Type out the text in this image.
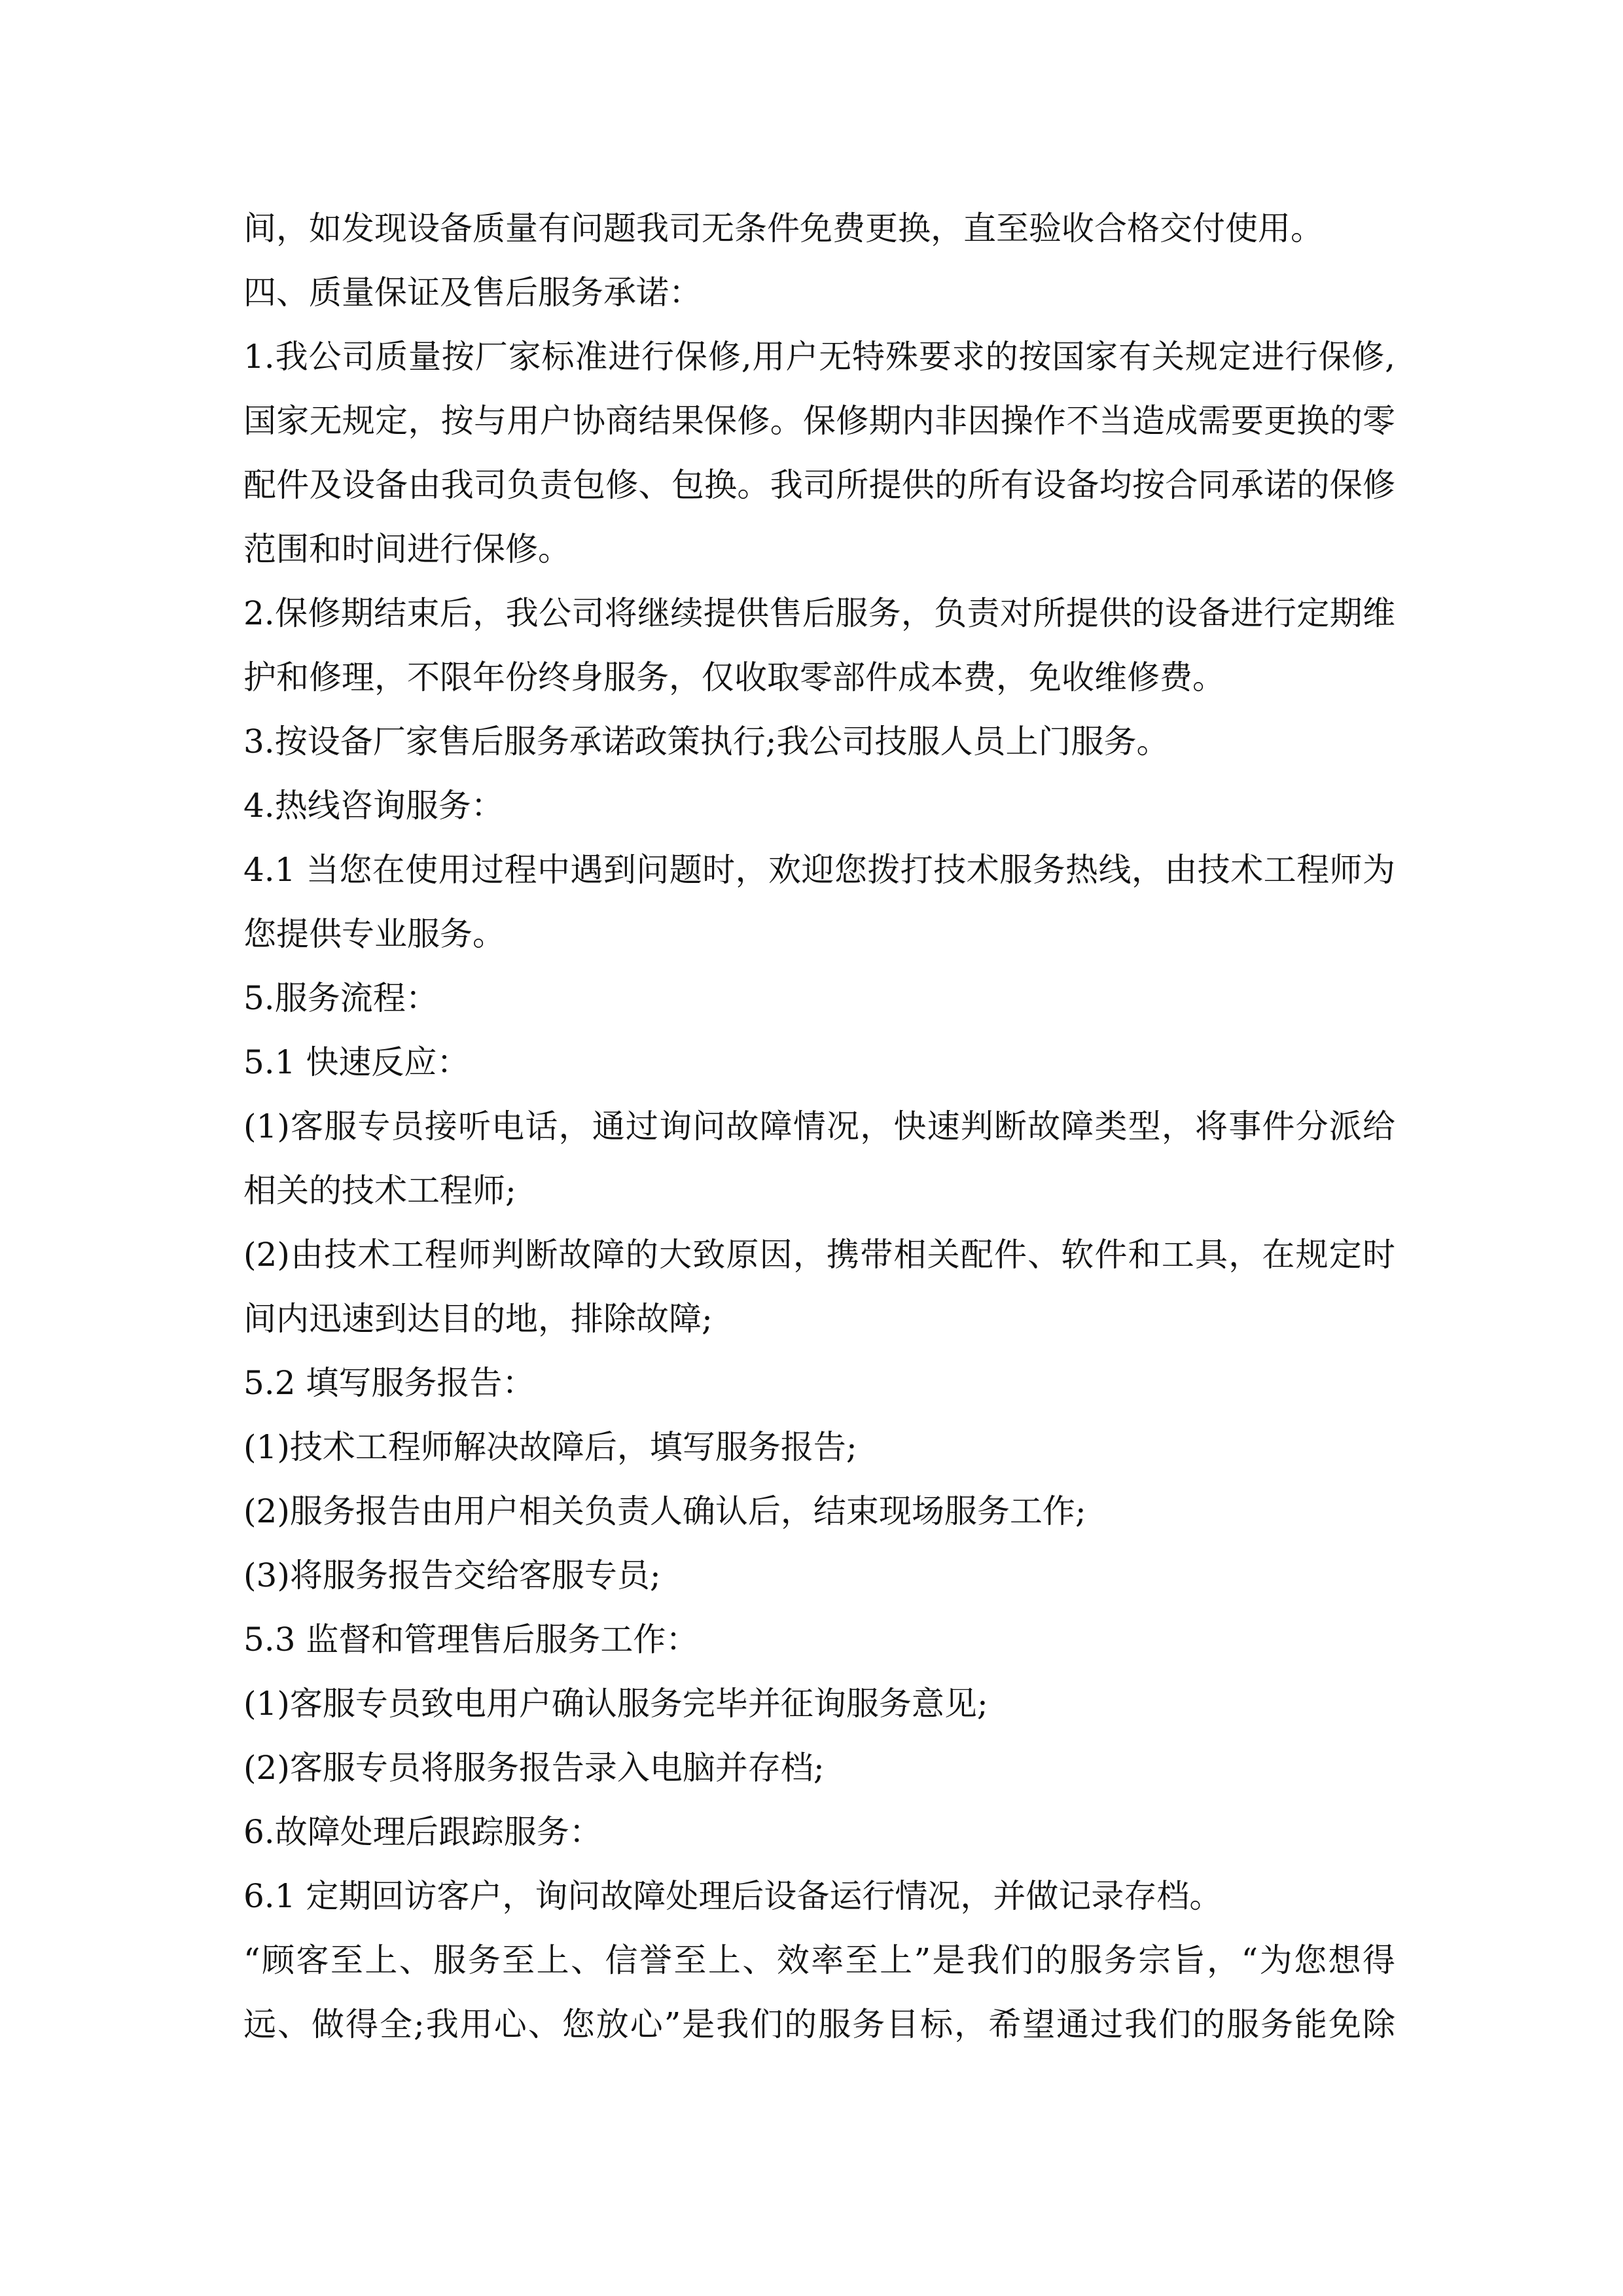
间，如发现设备质量有问题我司无条件免费更换，直至验收合格交付使用。
四、质量保证及售后服务承诺：
1.我公司质量按厂家标准进行保修,用户无特殊要求的按国家有关规定进行保修,
国家无规定，按与用户协商结果保修。保修期内非因操作不当造成需要更换的零
配件及设备由我司负责包修、包换。我司所提供的所有设备均按合同承诺的保修
范围和时间进行保修。
2.保修期结束后，我公司将继续提供售后服务，负责对所提供的设备进行定期维
护和修理，不限年份终身服务，仅收取零部件成本费，免收维修费。
3.按设备厂家售后服务承诺政策执行;我公司技服人员上门服务。
4.热线咨询服务：
4.1 当您在使用过程中遇到问题时，欢迎您拨打技术服务热线，由技术工程师为
您提供专业服务。
5.服务流程：
5.1 快速反应：
(1)客服专员接听电话，通过询问故障情况，快速判断故障类型，将事件分派给
相关的技术工程师;
(2)由技术工程师判断故障的大致原因，携带相关配件、软件和工具，在规定时
间内迅速到达目的地，排除故障;
5.2 填写服务报告：
(1)技术工程师解决故障后，填写服务报告;
(2)服务报告由用户相关负责人确认后，结束现场服务工作;
(3)将服务报告交给客服专员;
5.3 监督和管理售后服务工作：
(1)客服专员致电用户确认服务完毕并征询服务意见;
(2)客服专员将服务报告录入电脑并存档;
6.故障处理后跟踪服务：
6.1 定期回访客户，询问故障处理后设备运行情况，并做记录存档。
“顾客至上、服务至上、信誉至上、效率至上”是我们的服务宗旨，“为您想得
远、做得全;我用心、您放心”是我们的服务目标，希望通过我们的服务能免除
